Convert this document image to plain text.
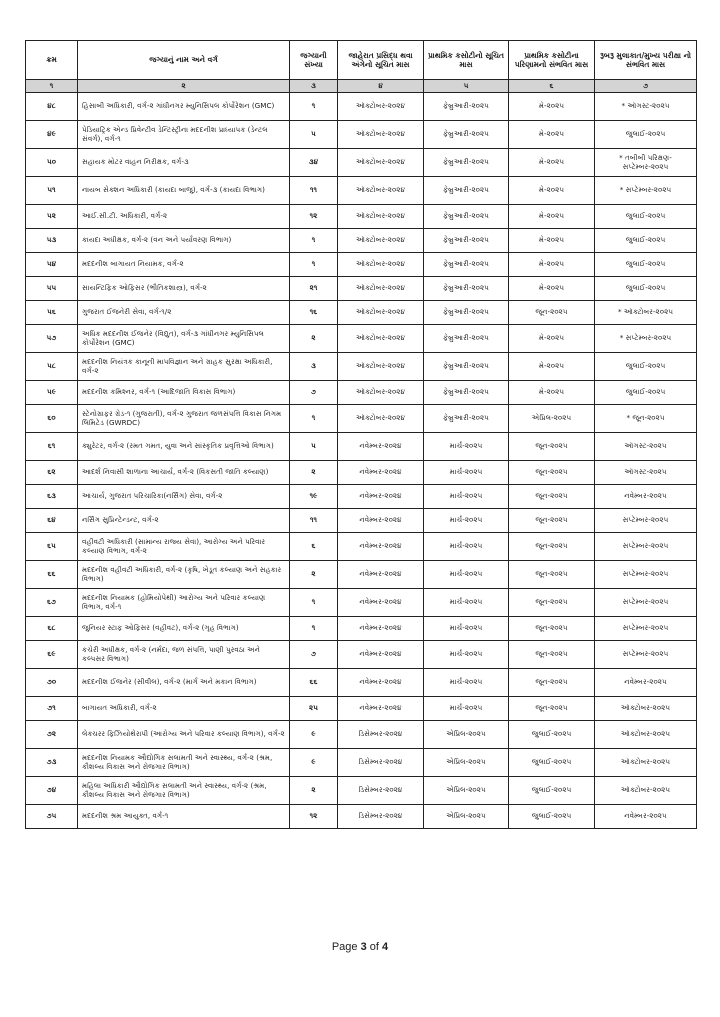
ક્રમ	જગ્યાનું નામ અને વર્ગ	જગ્યાની સંખ્યા	જાહેરાત પ્રસિદ્ધ થવા અંગેનો સૂચિત માસ	પ્રાથમિક કસોટીનો સૂચિત માસ	પ્રાથમિક કસોટીના પરિણામનો સંભવિત માસ	રૂબરૂ મુલાકાત/મુખ્ય પરીક્ષા નો સંભવિત માસ
૧	૨	૩	૪	૫	૬	૭
૪૮	હિસાબી અધિકારી, વર્ગ-૨ ગાંધીનગર મ્યુનિસિપલ કોર્પોરેશન (GMC)	૧	ઑક્ટોબર-૨૦૨૪	ફેબ્રુઆરી-૨૦૨૫	મે-૨૦૨૫	* ઑગસ્ટ-૨૦૨૫
૪૯	પેડિયાટ્રિક એન્ડ પ્રિવેન્ટીવ ડેન્ટિસ્ટ્રીના મદદનીશ પ્રાધ્યાપક (ડેન્ટલ સંવર્ગ), વર્ગ-૧	૫	ઑક્ટોબર-૨૦૨૪	ફેબ્રુઆરી-૨૦૨૫	મે-૨૦૨૫	જુલાઈ-૨૦૨૫
૫૦	સહાયક મોટર વાહન નિરીક્ષક, વર્ગ-૩	૩૪	ઑક્ટોબર-૨૦૨૪	ફેબ્રુઆરી-૨૦૨૫	મે-૨૦૨૫	* તબીબી પરિક્ષણ- સપ્ટેમ્બર-૨૦૨૫
૫૧	નાયબ સેક્શન અધિકારી (કાયદા બાજુ), વર્ગ-૩ (કાયદા વિભાગ)	૧૧	ઑક્ટોબર-૨૦૨૪	ફેબ્રુઆરી-૨૦૨૫	મે-૨૦૨૫	* સપ્ટેમ્બર-૨૦૨૫
૫૨	આઈ.સી.ટી. અધિકારી, વર્ગ-૨	૧૨	ઑક્ટોબર-૨૦૨૪	ફેબ્રુઆરી-૨૦૨૫	મે-૨૦૨૫	જુલાઈ-૨૦૨૫
૫૩	કાયદા અધીક્ષક, વર્ગ-૨ (વન અને પર્યાવરણ વિભાગ)	૧	ઑક્ટોબર-૨૦૨૪	ફેબ્રુઆરી-૨૦૨૫	મે-૨૦૨૫	જુલાઈ-૨૦૨૫
૫૪	મદદનીશ બાગાયત નિયામક, વર્ગ-૨	૧	ઑક્ટોબર-૨૦૨૪	ફેબ્રુઆરી-૨૦૨૫	મે-૨૦૨૫	જુલાઈ-૨૦૨૫
૫૫	સાયન્ટિફિક ઓફિસર (ભૌતિકશાસ્ત્ર), વર્ગ-૨	૨૧	ઑક્ટોબર-૨૦૨૪	ફેબ્રુઆરી-૨૦૨૫	મે-૨૦૨૫	જુલાઈ-૨૦૨૫
૫૬	ગુજરાત ઈજનેરી સેવા, વર્ગ-૧/૨	૧૬	ઑક્ટોબર-૨૦૨૪	ફેબ્રુઆરી-૨૦૨૫	જૂન-૨૦૨૫	* ઑક્ટોબર-૨૦૨૫
૫૭	અધિક મદદનીશ ઈજનેર (વિદ્યુત), વર્ગ-૩ ગાંધીનગર મ્યુનિસિપલ કોર્પોરેશન (GMC)	૨	ઑક્ટોબર-૨૦૨૪	ફેબ્રુઆરી-૨૦૨૫	મે-૨૦૨૫	* સપ્ટેમ્બર-૨૦૨૫
૫૮	મદદનીશ નિયંત્રક કાનૂની માપવિજ્ઞાન અને ગ્રાહક સુરક્ષા અધિકારી, વર્ગ-૨	૩	ઑક્ટોબર-૨૦૨૪	ફેબ્રુઆરી-૨૦૨૫	મે-૨૦૨૫	જુલાઈ-૨૦૨૫
૫૯	મદદનીશ કમિશ્નર, વર્ગ-૧ (આદિજાતિ વિકાસ વિભાગ)	૭	ઑક્ટોબર-૨૦૨૪	ફેબ્રુઆરી-૨૦૨૫	મે-૨૦૨૫	જુલાઈ-૨૦૨૫
૬૦	સ્ટેનોગ્રાફર ગ્રેડ-૧ (ગુજરાતી), વર્ગ-૨ ગુજરાત જળસંપત્તિ વિકાસ નિગમ લિમિટેડ (GWRDC)	૧	ઑક્ટોબર-૨૦૨૪	ફેબ્રુઆરી-૨૦૨૫	એપ્રિલ-૨૦૨૫	* જૂન-૨૦૨૫
૬૧	ક્યુરેટર, વર્ગ-૨ (રમત ગમત, યુવા અને સાંસ્કૃતિક પ્રવૃત્તિઓ વિભાગ)	૫	નવેમ્બર-૨૦૨૪	માર્ચ-૨૦૨૫	જૂન-૨૦૨૫	ઑગસ્ટ-૨૦૨૫
૬૨	આદર્શ નિવાસી શાળાના આચાર્ય, વર્ગ-૨ (વિકસતી જાતિ કલ્યાણ)	૨	નવેમ્બર-૨૦૨૪	માર્ચ-૨૦૨૫	જૂન-૨૦૨૫	ઑગસ્ટ-૨૦૨૫
૬૩	આચાર્ય, ગુજરાત પરિચારિકા(નર્સિંગ) સેવા, વર્ગ-૨	૧૯	નવેમ્બર-૨૦૨૪	માર્ચ-૨૦૨૫	જૂન-૨૦૨૫	નવેમ્બર-૨૦૨૫
૬૪	નર્સિંગ સુપ્રિન્ટેન્ડન્ટ, વર્ગ-૨	૧૧	નવેમ્બર-૨૦૨૪	માર્ચ-૨૦૨૫	જૂન-૨૦૨૫	સપ્ટેમ્બર-૨૦૨૫
૬૫	વહીવટી અધિકારી (સામાન્ય રાજ્ય સેવા), આરોગ્ય અને પરિવાર કલ્યાણ વિભાગ, વર્ગ-૨	૬	નવેમ્બર-૨૦૨૪	માર્ચ-૨૦૨૫	જૂન-૨૦૨૫	સપ્ટેમ્બર-૨૦૨૫
૬૬	મદદનીશ વહીવટી અધિકારી, વર્ગ-૨ (કૃષિ, ખેડૂત કલ્યાણ અને સહકાર વિભાગ)	૨	નવેમ્બર-૨૦૨૪	માર્ચ-૨૦૨૫	જૂન-૨૦૨૫	સપ્ટેમ્બર-૨૦૨૫
૬૭	મદદનીશ નિયામક (હોમિયોપેથી) આરોગ્ય અને પરિવાર કલ્યાણ વિભાગ, વર્ગ-૧	૧	નવેમ્બર-૨૦૨૪	માર્ચ-૨૦૨૫	જૂન-૨૦૨૫	સપ્ટેમ્બર-૨૦૨૫
૬૮	જુનિયર સ્ટાફ ઓફિસર (વહીવટ), વર્ગ-૨ (ગૃહ વિભાગ)	૧	નવેમ્બર-૨૦૨૪	માર્ચ-૨૦૨૫	જૂન-૨૦૨૫	સપ્ટેમ્બર-૨૦૨૫
૬૯	કચેરી અધીક્ષક, વર્ગ-૨ (નર્મદા, જળ સંપત્તિ, પાણી પુરવઠા અને કલ્પસર વિભાગ)	૭	નવેમ્બર-૨૦૨૪	માર્ચ-૨૦૨૫	જૂન-૨૦૨૫	સપ્ટેમ્બર-૨૦૨૫
૭૦	મદદનીશ ઈજનેર (સીવીલ), વર્ગ-૨ (માર્ગ અને મકાન વિભાગ)	૬૬	નવેમ્બર-૨૦૨૪	માર્ચ-૨૦૨૫	જૂન-૨૦૨૫	નવેમ્બર-૨૦૨૫
૭૧	બાગાયત અધિકારી, વર્ગ-૨	૨૫	નવેમ્બર-૨૦૨૪	માર્ચ-૨૦૨૫	જૂન-૨૦૨૫	ઑક્ટોબર-૨૦૨૫
૭૨	લેક્ચરર ફિઝિયોથેરાપી (આરોગ્ય અને પરિવાર કલ્યાણ વિભાગ), વર્ગ-૨	૯	ડિસેમ્બર-૨૦૨૪	એપ્રિલ-૨૦૨૫	જુલાઈ-૨૦૨૫	ઑક્ટોબર-૨૦૨૫
૭૩	મદદનીશ નિયામક ઔદ્યોગિક સલામતી અને સ્વાસ્થ્ય, વર્ગ-૨ (શ્રમ, કૌશલ્ય વિકાસ અને રોજગાર વિભાગ)	૯	ડિસેમ્બર-૨૦૨૪	એપ્રિલ-૨૦૨૫	જુલાઈ-૨૦૨૫	ઑક્ટોબર-૨૦૨૫
૭૪	મહિલા અધિકારી ઔદ્યોગિક સલામતી અને સ્વાસ્થ્ય, વર્ગ-૨ (શ્રમ, કૌશલ્ય વિકાસ અને રોજગાર વિભાગ)	૨	ડિસેમ્બર-૨૦૨૪	એપ્રિલ-૨૦૨૫	જુલાઈ-૨૦૨૫	ઑક્ટોબર-૨૦૨૫
૭૫	મદદનીશ શ્રમ આયુક્ત, વર્ગ-૧	૧૨	ડિસેમ્બર-૨૦૨૪	એપ્રિલ-૨૦૨૫	જુલાઈ-૨૦૨૫	નવેમ્બર-૨૦૨૫
Page 3 of 4
